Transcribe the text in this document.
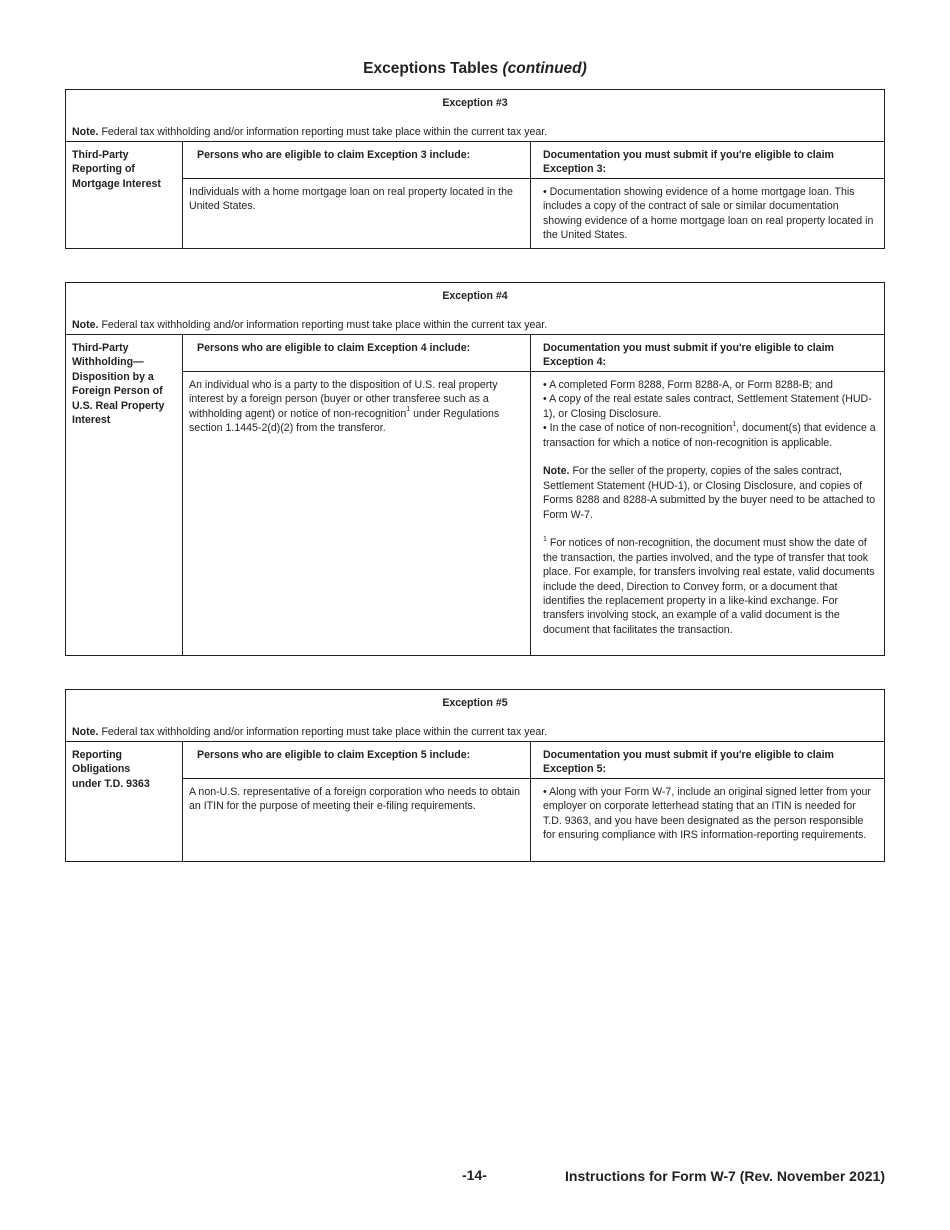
Exceptions Tables (continued)
Exception #3
Note. Federal tax withholding and/or information reporting must take place within the current tax year.
Third-Party Reporting of Mortgage Interest
Persons who are eligible to claim Exception 3 include:
Individuals with a home mortgage loan on real property located in the United States.
Documentation you must submit if you're eligible to claim Exception 3:

• Documentation showing evidence of a home mortgage loan. This includes a copy of the contract of sale or similar documentation showing evidence of a home mortgage loan on real property located in the United States.

Exception #4
Note. Federal tax withholding and/or information reporting must take place within the current tax year.
Third-Party Withholding— Disposition by a Foreign Person of U.S. Real Property Interest
Persons who are eligible to claim Exception 4 include:
An individual who is a party to the disposition of U.S. real property interest by a foreign person (buyer or other transferee such as a withholding agent) or notice of non-recognition$^1$ under Regulations section 1.1445-2(d)(2) from the transferor.
Documentation you must submit if you're eligible to claim Exception 4:

• A completed Form 8288, Form 8288-A, or Form 8288-B; and

• A copy of the real estate sales contract, Settlement Statement (HUD-1), or Closing Disclosure.

• In the case of notice of non-recognition$^1$, document(s) that evidence a transaction for which a notice of non-recognition is applicable.

Note. For the seller of the property, copies of the sales contract, Settlement Statement (HUD-1), or Closing Disclosure, and copies of Forms 8288 and 8288-A submitted by the buyer need to be attached to Form W-7.

$^1$ For notices of non-recognition, the document must show the date of the transaction, the parties involved, and the type of transfer that took place. For example, for transfers involving real estate, valid documents include the deed, Direction to Convey form, or a document that identifies the replacement property in a like-kind exchange. For transfers involving stock, an example of a valid document is the document that facilitates the transaction.

Exception #5
Note. Federal tax withholding and/or information reporting must take place within the current tax year.
Reporting Obligations under T.D. 9363
Persons who are eligible to claim Exception 5 include:
A non-U.S. representative of a foreign corporation who needs to obtain an ITIN for the purpose of meeting their e-filing requirements.
Documentation you must submit if you're eligible to claim Exception 5:

• Along with your Form W-7, include an original signed letter from your employer on corporate letterhead stating that an ITIN is needed for T.D. 9363, and you have been designated as the person responsible for ensuring compliance with IRS information-reporting requirements.

-14-	Instructions for Form W-7 (Rev. November 2021)
